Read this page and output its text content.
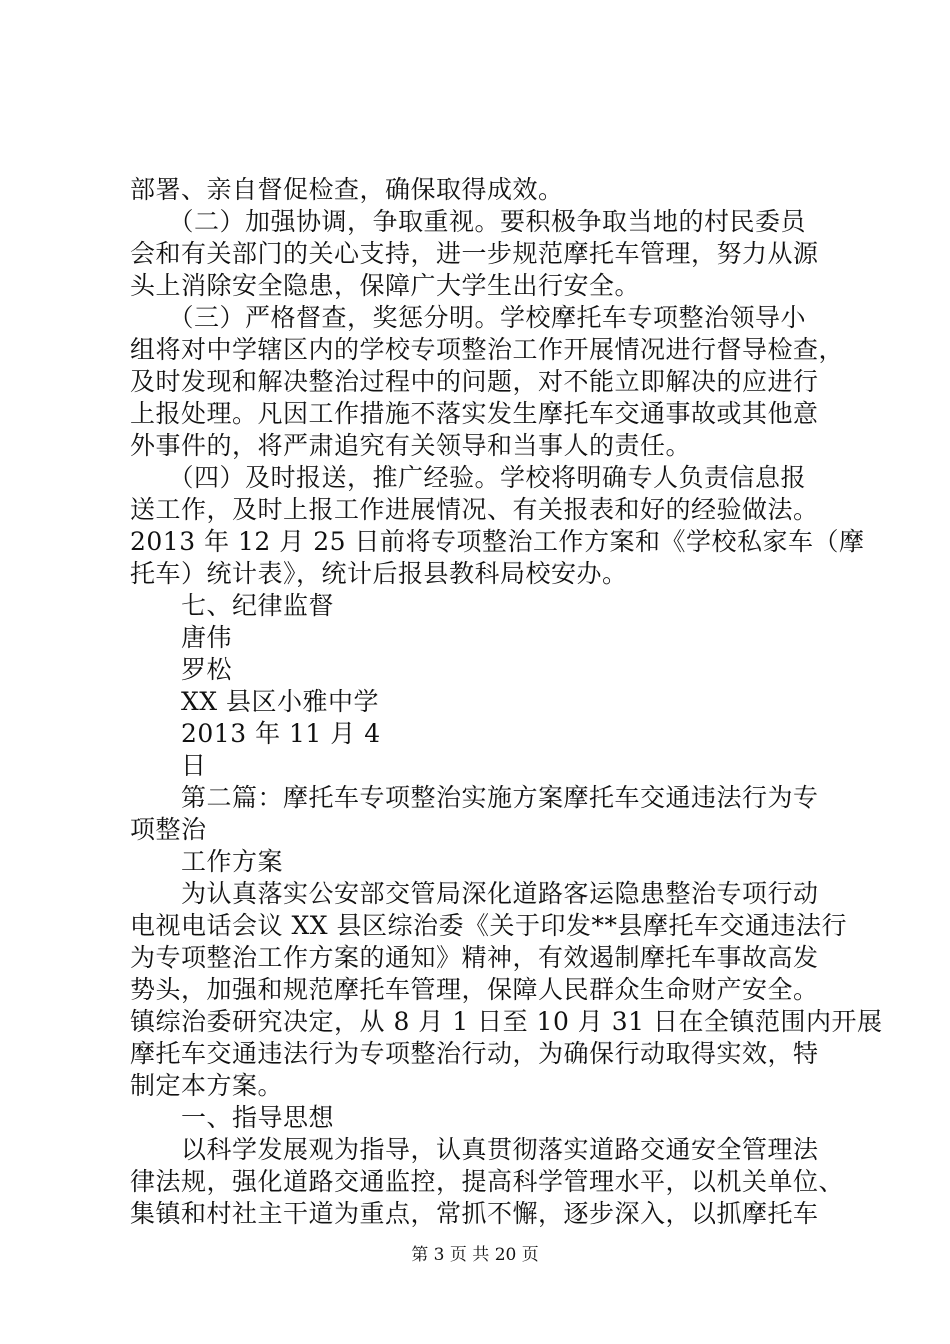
部署、亲自督促检查，确保取得成效。
　　（二）加强协调，争取重视。要积极争取当地的村民委员
会和有关部门的关心支持，进一步规范摩托车管理，努力从源
头上消除安全隐患，保障广大学生出行安全。
　　（三）严格督查，奖惩分明。学校摩托车专项整治领导小
组将对中学辖区内的学校专项整治工作开展情况进行督导检查，
及时发现和解决整治过程中的问题，对不能立即解决的应进行
上报处理。凡因工作措施不落实发生摩托车交通事故或其他意
外事件的，将严肃追究有关领导和当事人的责任。
　　（四）及时报送，推广经验。学校将明确专人负责信息报
送工作，及时上报工作进展情况、有关报表和好的经验做法。
2013 年 12 月 25 日前将专项整治工作方案和《学校私家车（摩
托车）统计表》，统计后报县教科局校安办。
　　七、纪律监督
　　唐伟
　　罗松
　　XX 县区小雅中学
　　2013 年 11 月 4
　　日
　　第二篇：摩托车专项整治实施方案摩托车交通违法行为专
项整治
　　工作方案
　　为认真落实公安部交管局深化道路客运隐患整治专项行动
电视电话会议 XX 县区综治委《关于印发**县摩托车交通违法行
为专项整治工作方案的通知》精神，有效遏制摩托车事故高发
势头，加强和规范摩托车管理，保障人民群众生命财产安全。
镇综治委研究决定，从 8 月 1 日至 10 月 31 日在全镇范围内开展
摩托车交通违法行为专项整治行动，为确保行动取得实效，特
制定本方案。
　　一、指导思想
　　以科学发展观为指导，认真贯彻落实道路交通安全管理法
律法规，强化道路交通监控，提高科学管理水平，以机关单位、
集镇和村社主干道为重点，常抓不懈，逐步深入，以抓摩托车
第 3 页 共 20 页
